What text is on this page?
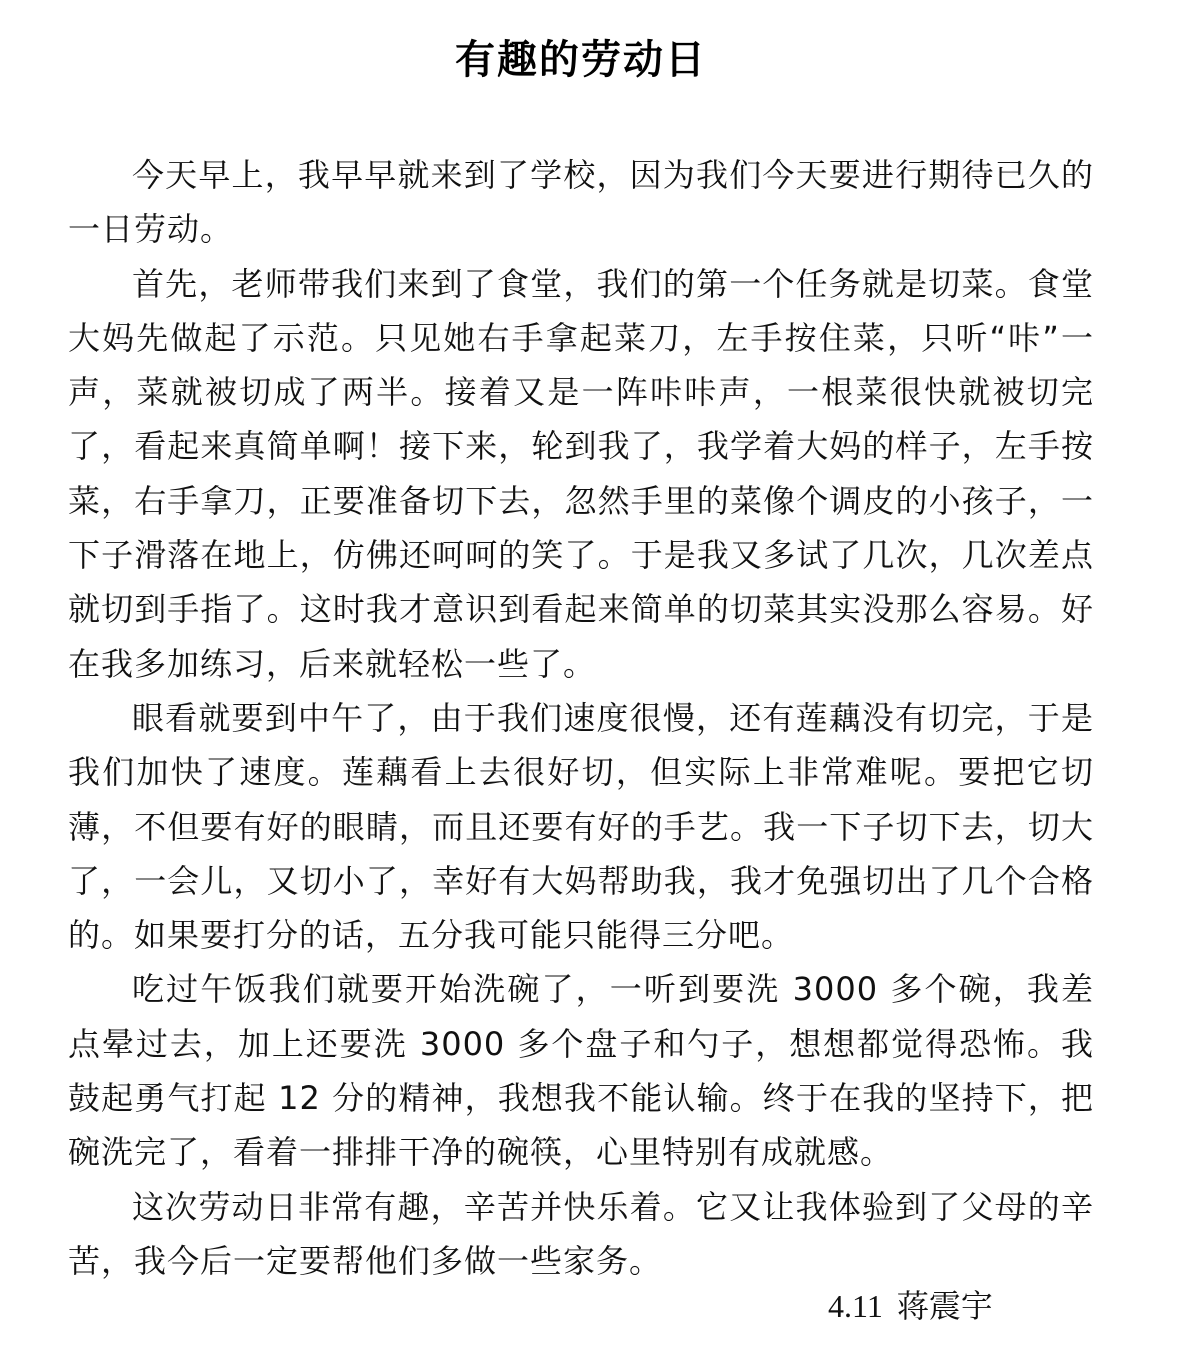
有趣的劳动日

今天早上，我早早就来到了学校，因为我们今天要进行期待已久的一日劳动。

首先，老师带我们来到了食堂，我们的第一个任务就是切菜。食堂大妈先做起了示范。只见她右手拿起菜刀，左手按住菜，只听“咔”一声，菜就被切成了两半。接着又是一阵咔咔声，一根菜很快就被切完了，看起来真简单啊！接下来，轮到我了，我学着大妈的样子，左手按菜，右手拿刀，正要准备切下去，忽然手里的菜像个调皮的小孩子，一下子滑落在地上，仿佛还呵呵的笑了。于是我又多试了几次，几次差点就切到手指了。这时我才意识到看起来简单的切菜其实没那么容易。好在我多加练习，后来就轻松一些了。

眼看就要到中午了，由于我们速度很慢，还有莲藕没有切完，于是我们加快了速度。莲藕看上去很好切，但实际上非常难呢。要把它切薄，不但要有好的眼睛，而且还要有好的手艺。我一下子切下去，切大了，一会儿，又切小了，幸好有大妈帮助我，我才免强切出了几个合格的。如果要打分的话，五分我可能只能得三分吧。

吃过午饭我们就要开始洗碗了，一听到要洗 3000 多个碗，我差点晕过去，加上还要洗 3000 多个盘子和勺子，想想都觉得恐怖。我鼓起勇气打起 12 分的精神，我想我不能认输。终于在我的坚持下，把碗洗完了，看着一排排干净的碗筷，心里特别有成就感。

这次劳动日非常有趣，辛苦并快乐着。它又让我体验到了父母的辛苦，我今后一定要帮他们多做一些家务。

4.11 蒋震宇
